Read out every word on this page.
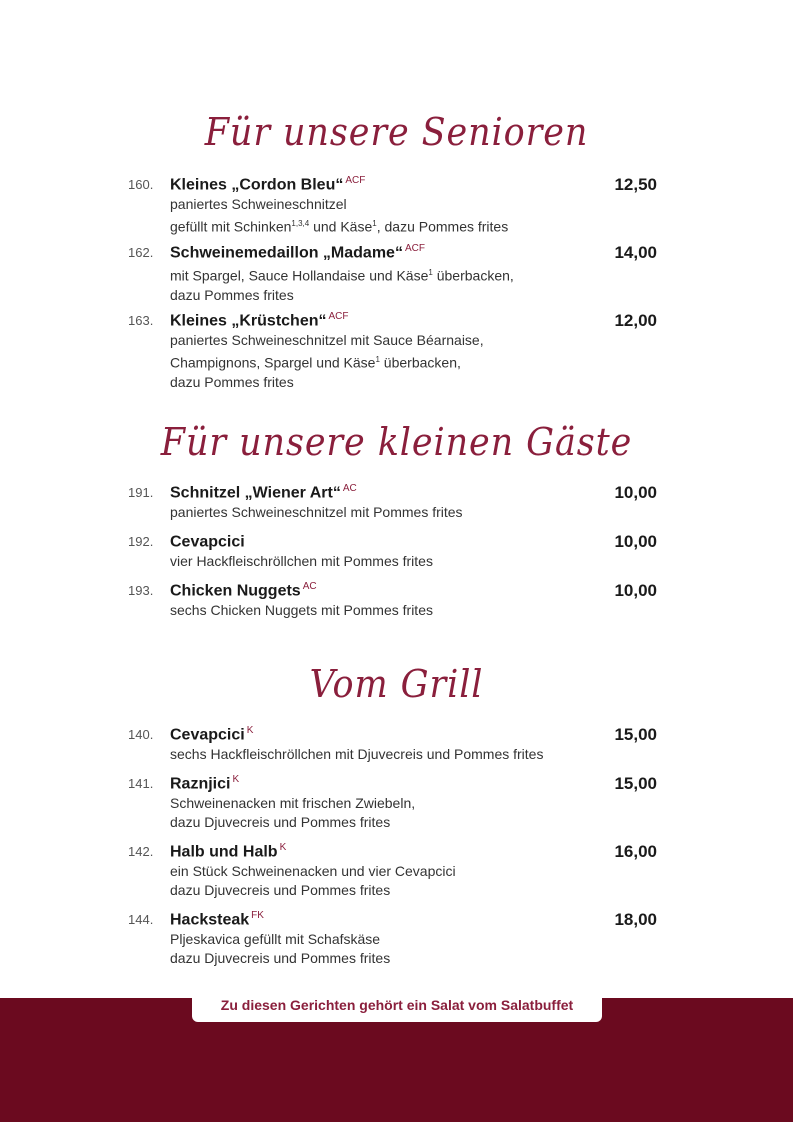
Für unsere Senioren
160. Kleines „Cordon Bleu“ $^{ACF}$	12,50
paniertes Schweineschnitzel
gefüllt mit Schinken$^{1,3,4}$ und Käse$^1$, dazu Pommes frites
162. Schweinemedaillon „Madame“ $^{ACF}$	14,00
mit Spargel, Sauce Hollandaise und Käse$^1$ überbacken,
dazu Pommes frites
163. Kleines „Krüstchen“ $^{ACF}$	12,00
paniertes Schweineschnitzel mit Sauce Béarnaise,
Champignons, Spargel und Käse$^1$ überbacken,
dazu Pommes frites
Für unsere kleinen Gäste
191. Schnitzel „Wiener Art“ $^{AC}$	10,00
paniertes Schweineschnitzel mit Pommes frites
192. Cevapcici	10,00
vier Hackfleischröllchen mit Pommes frites
193. Chicken Nuggets $^{AC}$	10,00
sechs Chicken Nuggets mit Pommes frites
Vom Grill
140. Cevapcici $^K$	15,00
sechs Hackfleischröllchen mit Djuvecreis und Pommes frites
141. Raznjici $^K$	15,00
Schweinenacken mit frischen Zwiebeln,
dazu Djuvecreis und Pommes frites
142. Halb und Halb $^K$	16,00
ein Stück Schweinenacken und vier Cevapcici
dazu Djuvecreis und Pommes frites
144. Hacksteak $^{FK}$	18,00
Pljeskavica gefüllt mit Schafskäse
dazu Djuvecreis und Pommes frites
Zu diesen Gerichten gehört ein Salat vom Salatbuffet
